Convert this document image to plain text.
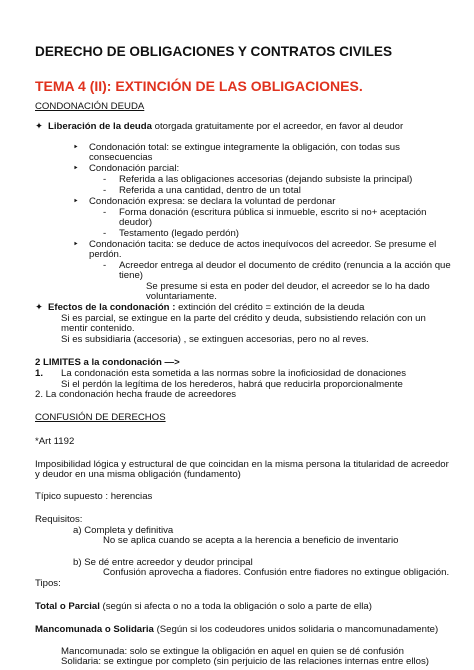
DERECHO DE OBLIGACIONES Y CONTRATOS CIVILES
TEMA 4 (II): EXTINCIÓN DE LAS OBLIGACIONES.
CONDONACIÓN DEUDA
✦ Liberación de la deuda otorgada gratuitamente por el acreedor, en favor al deudor
‣ Condonación total: se extingue integramente la obligación, con todas sus
consecuencias
‣ Condonación parcial:
- Referida a las obligaciones accesorias (dejando subsiste la principal)
- Referida a una cantidad, dentro de un total
‣ Condonación expresa: se declara la voluntad de perdonar
- Forma donación (escritura pública si inmueble, escrito si no+ aceptación
deudor)
- Testamento (legado perdón)
‣ Condonación tacita: se deduce de actos inequívocos del acreedor. Se presume el
perdón.
- Acreedor entrega al deudor el documento de crédito (renuncia a la acción que
tiene)
Se presume si esta en poder del deudor, el acreedor se lo ha dado
voluntariamente.
✦ Efectos de la condonación : extinción del crédito = extinción de la deuda
Si es parcial, se extingue en la parte del crédito y deuda, subsistiendo relación con un
mentir contenido.
Si es subsidiaria (accesoria) , se extinguen accesorias, pero no al reves.
2 LIMITES a la condonación —>
1. La condonación esta sometida a las normas sobre la inoficiosidad de donaciones
Si el perdón la legítima de los herederos, habrá que reducirla proporcionalmente
2. La condonación hecha fraude de acreedores
CONFUSIÓN DE DERECHOS
*Art 1192
Imposibilidad lógica y estructural de que coincidan en la misma persona la titularidad de acreedor
y deudor en una misma obligación (fundamento)
Típico supuesto : herencias
Requisitos:
a) Completa y definitiva
No se aplica cuando se acepta a la herencia a beneficio de inventario
b) Se dé entre acreedor y deudor principal
Confusión aprovecha a fiadores. Confusión entre fiadores no extingue obligación.
Tipos:
Total o Parcial (según si afecta o no a toda la obligación o solo a parte de ella)
Mancomunada o Solidaria (Según si los codeudores unidos solidaria o mancomunadamente)
Mancomunada: solo se extingue la obligación en aquel en quien se dé confusión
Solidaria: se extingue por completo (sin perjuicio de las relaciones internas entre ellos)
